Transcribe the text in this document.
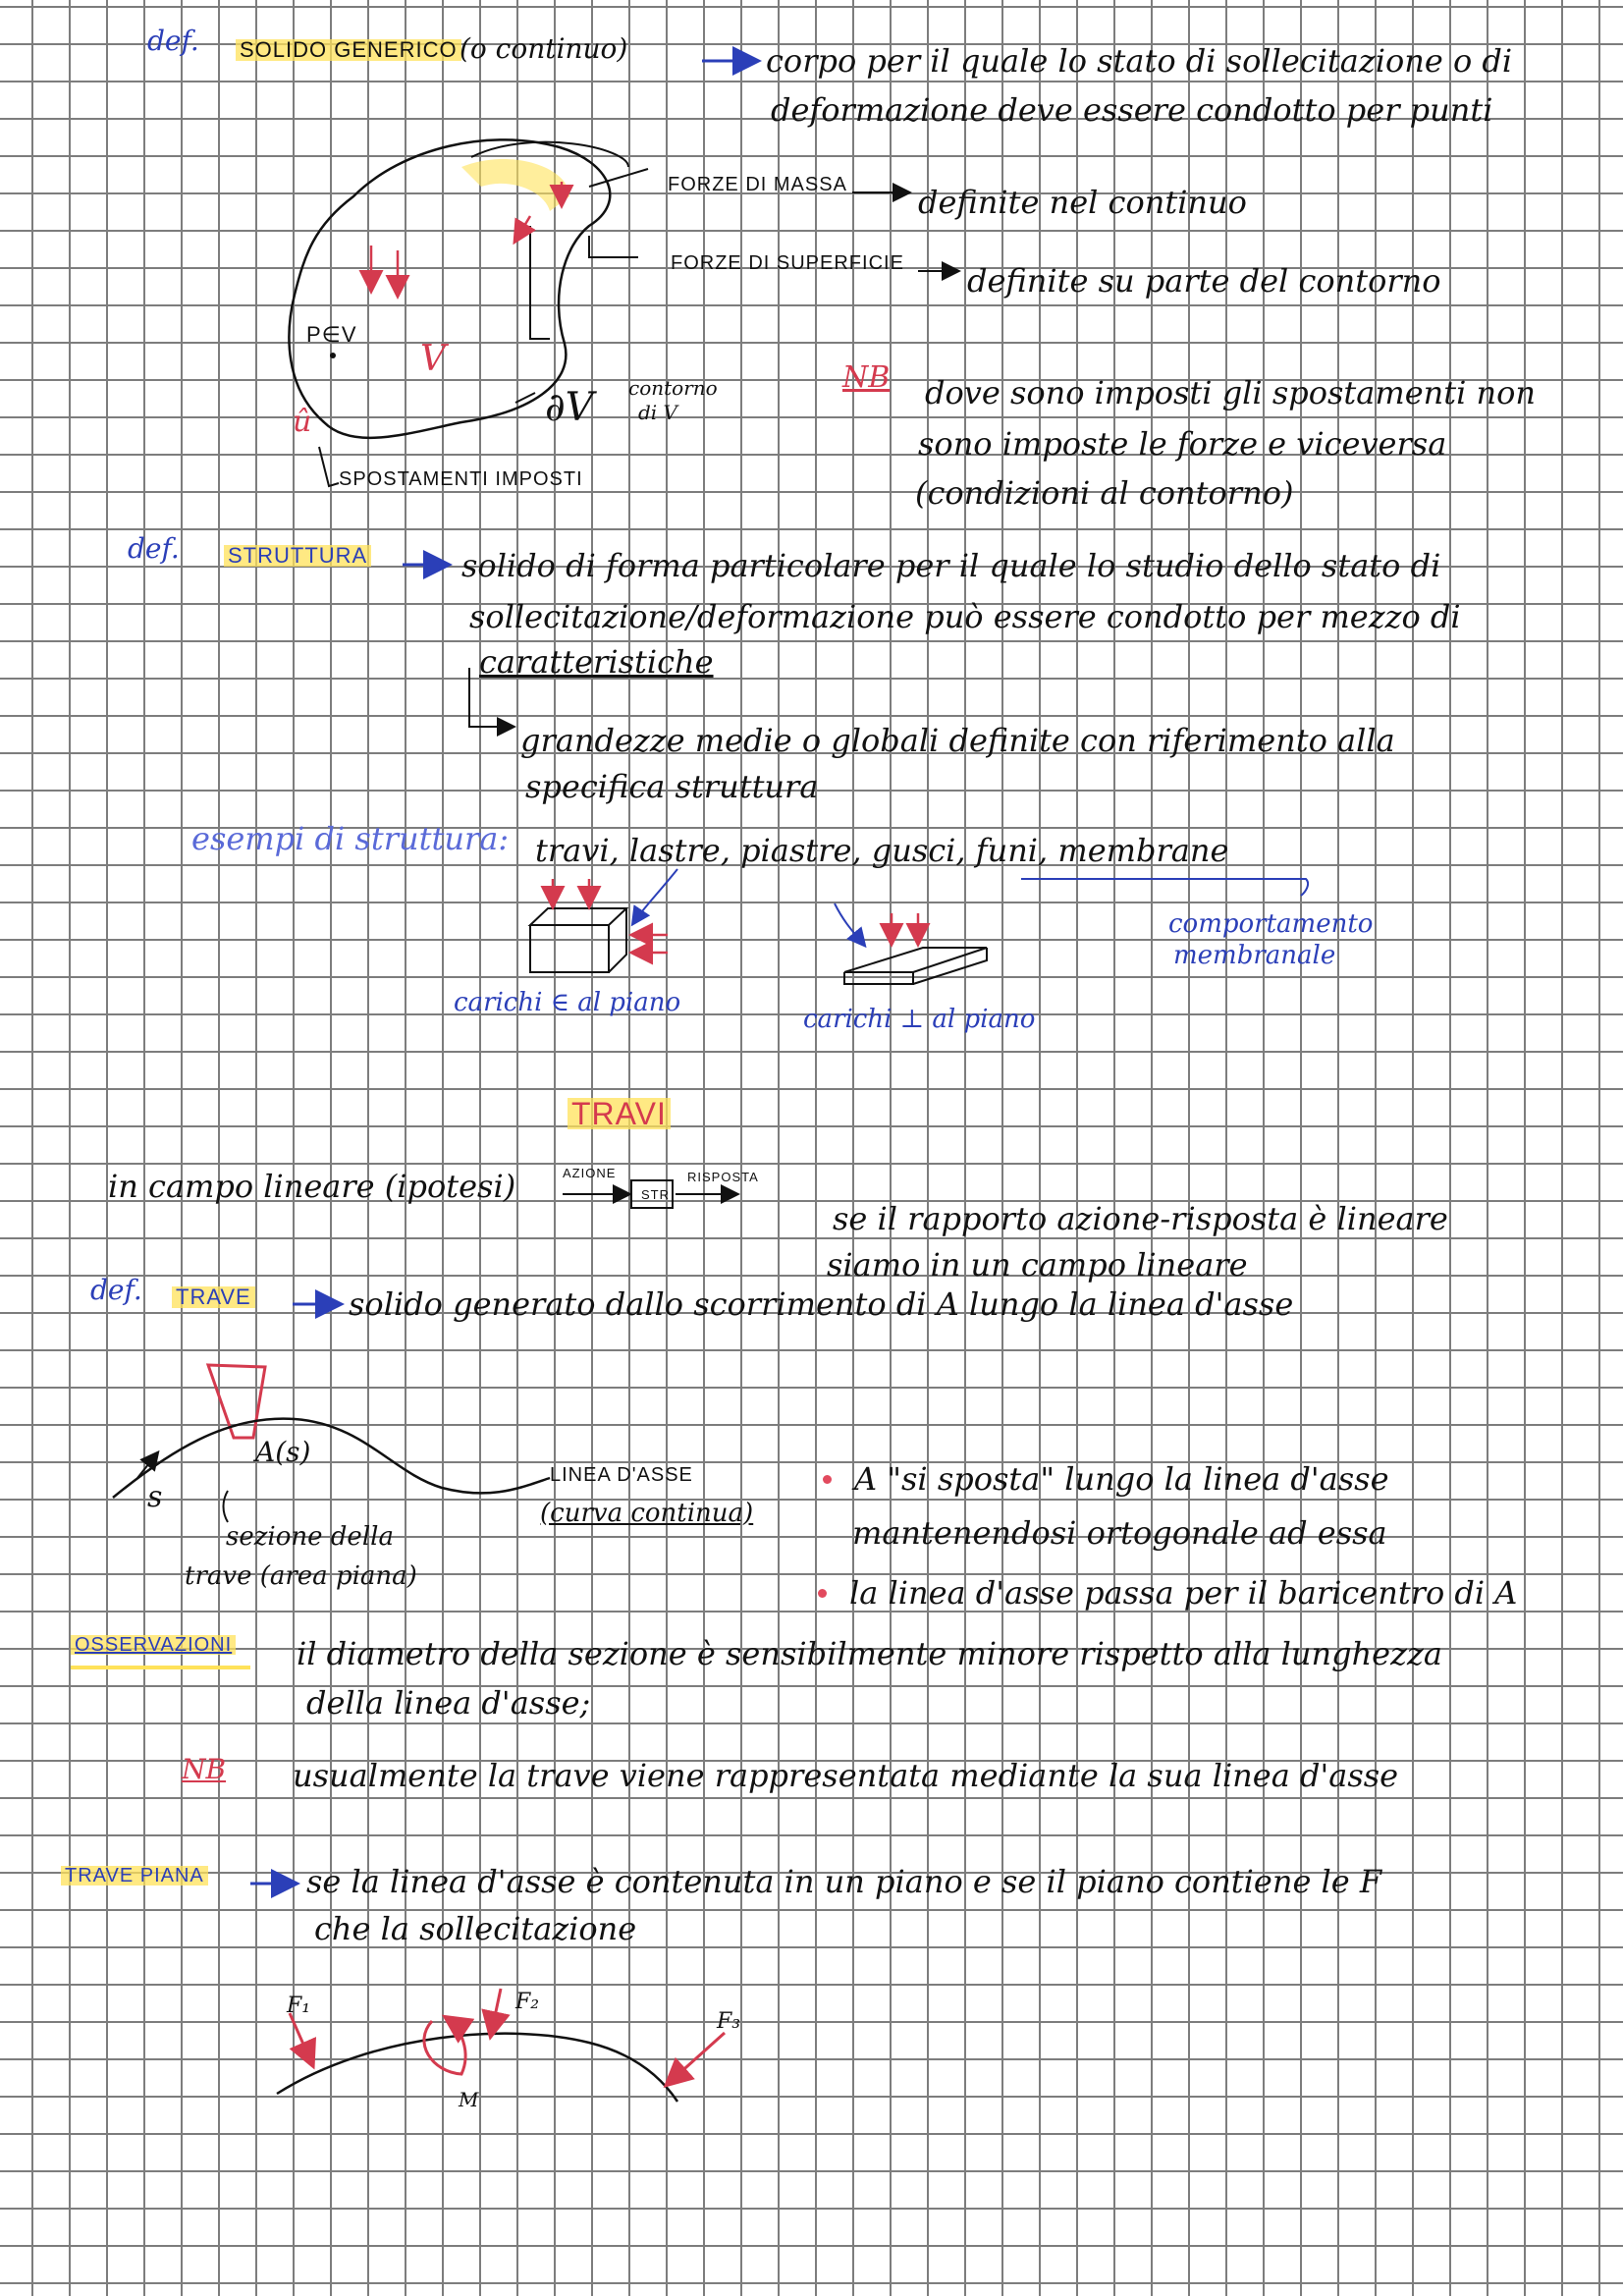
def. SOLIDO GENERICO (o continuo)	corpo per il quale lo stato di sollecitazione o di
deformazione deve essere condotto per punti
FORZE DI MASSA definite nel continuo
FORZE DI SUPERFICIE definite su parte del contorno
P∈V
V
∂V contorno
di V
û
SPOSTAMENTI IMPOSTI
NB dove sono imposti gli spostamenti non
sono imposte le forze e viceversa
(condizioni al contorno)
def. STRUTTURA	solido di forma particolare per il quale lo studio dello stato di
sollecitazione/deformazione può essere condotto per mezzo di
caratteristiche
grandezze medie o globali definite con riferimento alla
specifica struttura
esempi di struttura: travi, lastre, piastre, gusci, funi, membrane
comportamento
membranale
carichi ∈ al piano
carichi ⊥ al piano
TRAVI
in campo lineare (ipotesi)	AZIONE
STR
RISPOSTA
se il rapporto azione-risposta è lineare
siamo in un campo lineare
def. TRAVE	solido generato dallo scorrimento di A lungo la linea d'asse
A(s)
s
sezione della
trave (area piana)
LINEA D'ASSE
(curva continua)
A "si sposta" lungo la linea d'asse
mantenendosi ortogonale ad essa
la linea d'asse passa per il baricentro di A
OSSERVAZIONI il diametro della sezione è sensibilmente minore rispetto alla lunghezza
della linea d'asse;
NB usualmente la trave viene rappresentata mediante la sua linea d'asse
TRAVE PIANA	se la linea d'asse è contenuta in un piano e se il piano contiene le F
che la sollecitazione
F₁	F₂
F₃
M
